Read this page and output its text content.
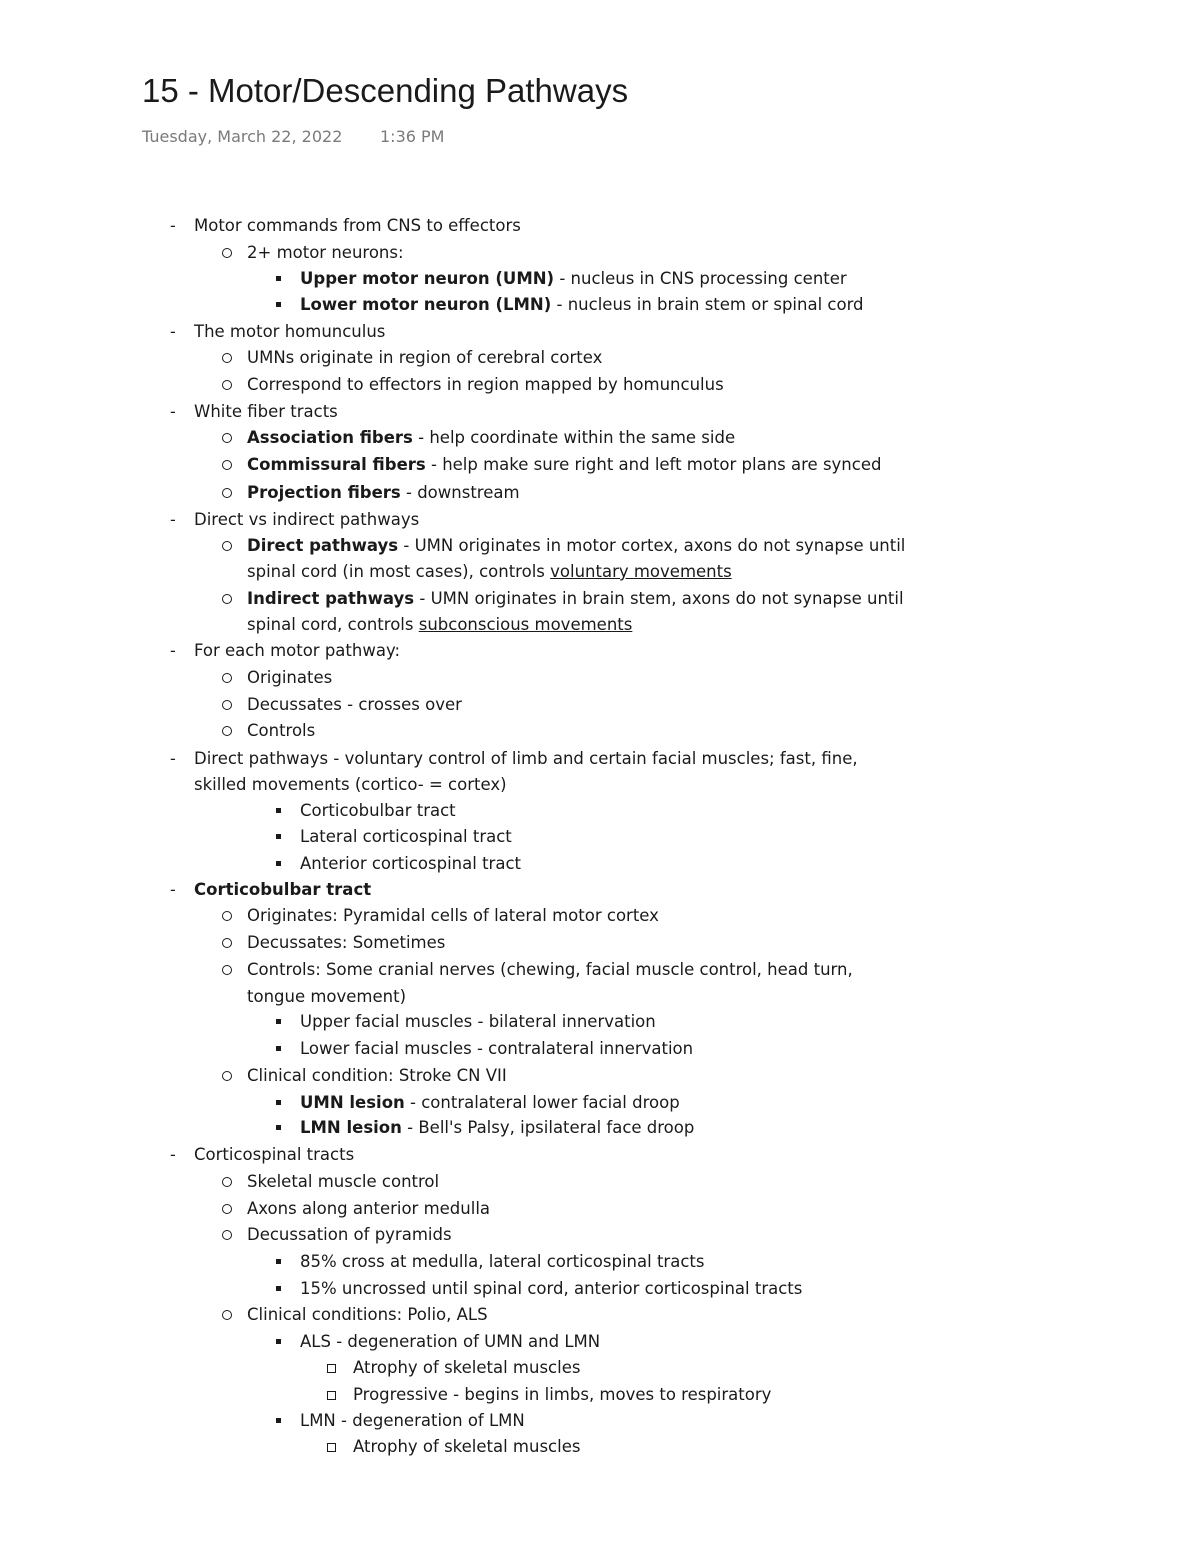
15 - Motor/Descending Pathways
Tuesday, March 22, 2022 1:36 PM
- Motor commands from CNS to effectors
2+ motor neurons:
Upper motor neuron (UMN) - nucleus in CNS processing center
Lower motor neuron (LMN) - nucleus in brain stem or spinal cord
- The motor homunculus
UMNs originate in region of cerebral cortex
Correspond to effectors in region mapped by homunculus
- White fiber tracts
Association fibers - help coordinate within the same side
Commissural fibers - help make sure right and left motor plans are synced
Projection fibers - downstream
- Direct vs indirect pathways
Direct pathways - UMN originates in motor cortex, axons do not synapse until
spinal cord (in most cases), controls voluntary movements
Indirect pathways - UMN originates in brain stem, axons do not synapse until
spinal cord, controls subconscious movements
- For each motor pathway:
Originates
Decussates - crosses over
Controls
- Direct pathways - voluntary control of limb and certain facial muscles; fast, fine,
skilled movements (cortico- = cortex)
Corticobulbar tract
Lateral corticospinal tract
Anterior corticospinal tract
- Corticobulbar tract
Originates: Pyramidal cells of lateral motor cortex
Decussates: Sometimes
Controls: Some cranial nerves (chewing, facial muscle control, head turn,
tongue movement)
Upper facial muscles - bilateral innervation
Lower facial muscles - contralateral innervation
Clinical condition: Stroke CN VII
UMN lesion - contralateral lower facial droop
LMN lesion - Bell's Palsy, ipsilateral face droop
- Corticospinal tracts
Skeletal muscle control
Axons along anterior medulla
Decussation of pyramids
85% cross at medulla, lateral corticospinal tracts
15% uncrossed until spinal cord, anterior corticospinal tracts
Clinical conditions: Polio, ALS
ALS - degeneration of UMN and LMN
Atrophy of skeletal muscles
Progressive - begins in limbs, moves to respiratory
LMN - degeneration of LMN
Atrophy of skeletal muscles
